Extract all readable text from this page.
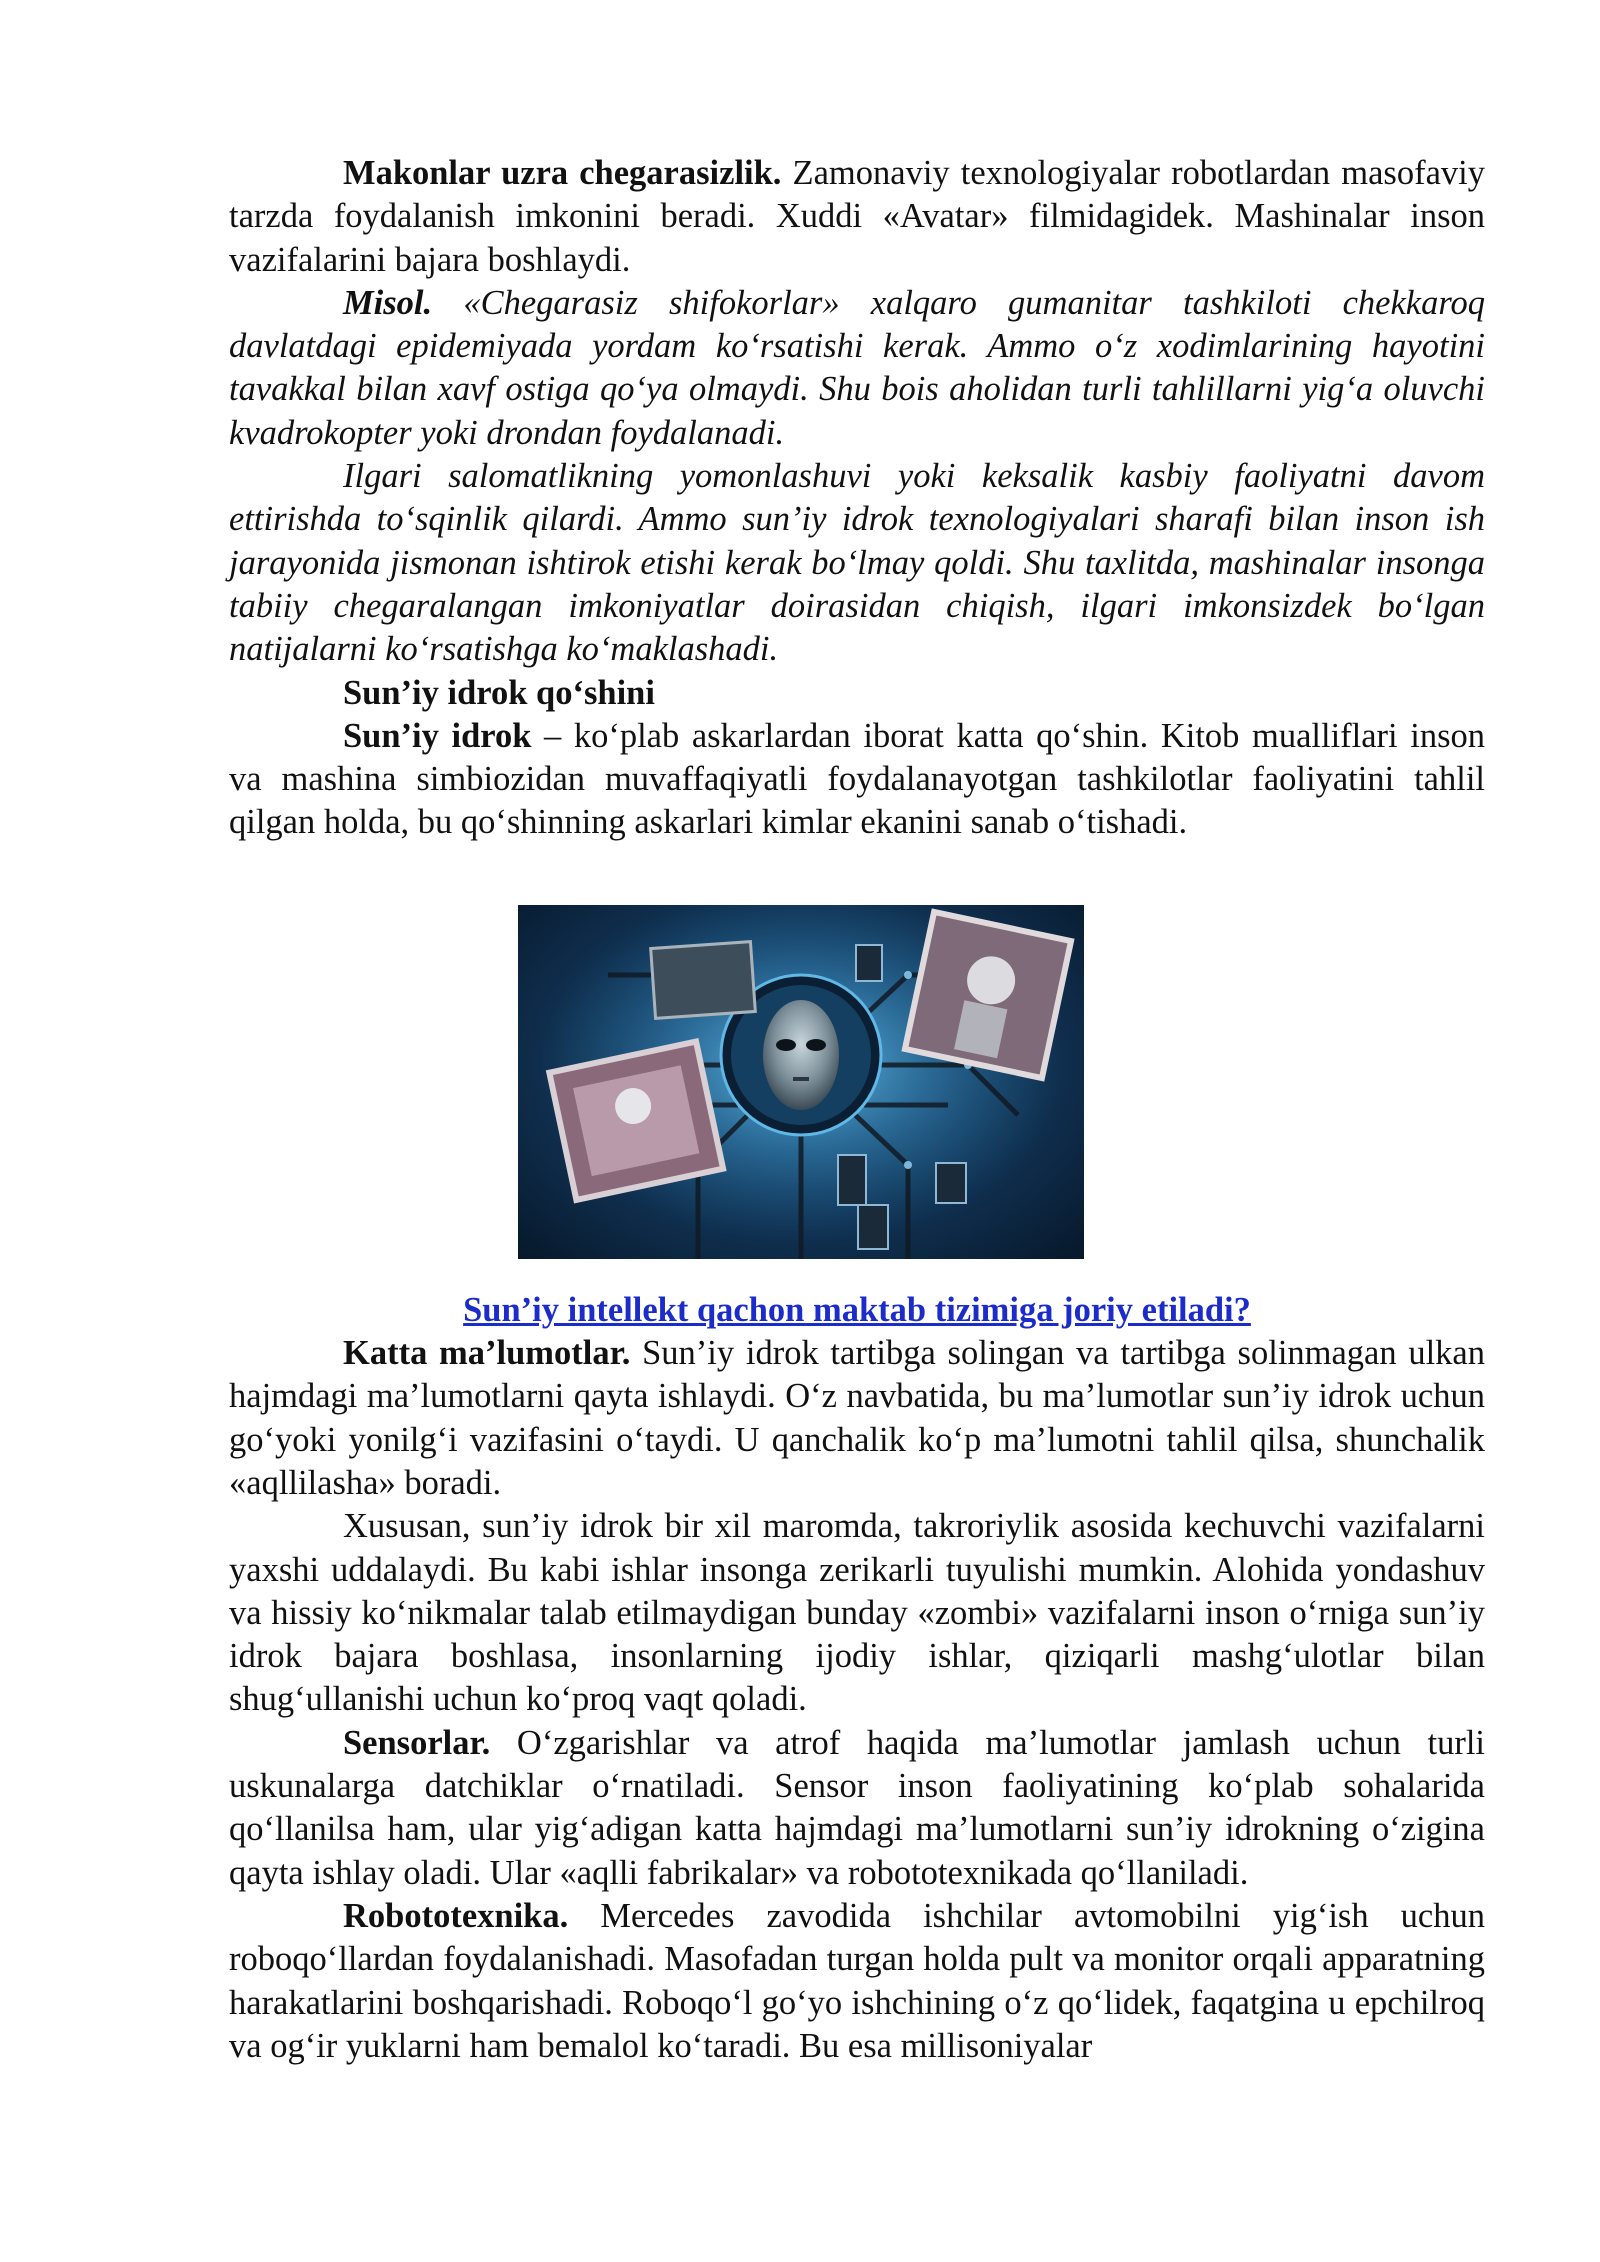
Makonlar uzra chegarasizlik. Zamonaviy texnologiyalar robotlardan masofaviy tarzda foydalanish imkonini beradi. Xuddi «Avatar» filmidagidek. Mashinalar inson vazifalarini bajara boshlaydi.

Misol. «Chegarasiz shifokorlar» xalqaro gumanitar tashkiloti chekkaroq davlatdagi epidemiyada yordam ko‘rsatishi kerak. Ammo o‘z xodimlarining hayotini tavakkal bilan xavf ostiga qo‘ya olmaydi. Shu bois aholidan turli tahlillarni yig‘a oluvchi kvadrokopter yoki drondan foydalanadi.

Ilgari salomatlikning yomonlashuvi yoki keksalik kasbiy faoliyatni davom ettirishda to‘sqinlik qilardi. Ammo sun’iy idrok texnologiyalari sharafi bilan inson ish jarayonida jismonan ishtirok etishi kerak bo‘lmay qoldi. Shu taxlitda, mashinalar insonga tabiiy chegaralangan imkoniyatlar doirasidan chiqish, ilgari imkonsizdek bo‘lgan natijalarni ko‘rsatishga ko‘maklashadi.

Sun’iy idrok qo‘shini

Sun’iy idrok – ko‘plab askarlardan iborat katta qo‘shin. Kitob mualliflari inson va mashina simbiozidan muvaffaqiyatli foydalanayotgan tashkilotlar faoliyatini tahlil qilgan holda, bu qo‘shinning askarlari kimlar ekanini sanab o‘tishadi.

Sun’iy intellekt qachon maktab tizimiga joriy etiladi?

Katta ma’lumotlar. Sun’iy idrok tartibga solingan va tartibga solinmagan ulkan hajmdagi ma’lumotlarni qayta ishlaydi. O‘z navbatida, bu ma’lumotlar sun’iy idrok uchun go‘yoki yonilg‘i vazifasini o‘taydi. U qanchalik ko‘p ma’lumotni tahlil qilsa, shunchalik «aqllilasha» boradi.

Xususan, sun’iy idrok bir xil maromda, takroriylik asosida kechuvchi vazifalarni yaxshi uddalaydi. Bu kabi ishlar insonga zerikarli tuyulishi mumkin. Alohida yondashuv va hissiy ko‘nikmalar talab etilmaydigan bunday «zombi» vazifalarni inson o‘rniga sun’iy idrok bajara boshlasa, insonlarning ijodiy ishlar, qiziqarli mashg‘ulotlar bilan shug‘ullanishi uchun ko‘proq vaqt qoladi.

Sensorlar. O‘zgarishlar va atrof haqida ma’lumotlar jamlash uchun turli uskunalarga datchiklar o‘rnatiladi. Sensor inson faoliyatining ko‘plab sohalarida qo‘llanilsa ham, ular yig‘adigan katta hajmdagi ma’lumotlarni sun’iy idrokning o‘zigina qayta ishlay oladi. Ular «aqlli fabrikalar» va robototexnikada qo‘llaniladi.

Robototexnika. Mercedes zavodida ishchilar avtomobilni yig‘ish uchun roboqo‘llardan foydalanishadi. Masofadan turgan holda pult va monitor orqali apparatning harakatlarini boshqarishadi. Roboqo‘l go‘yo ishchining o‘z qo‘lidek, faqatgina u epchilroq va og‘ir yuklarni ham bemalol ko‘taradi. Bu esa millisoniyalar
